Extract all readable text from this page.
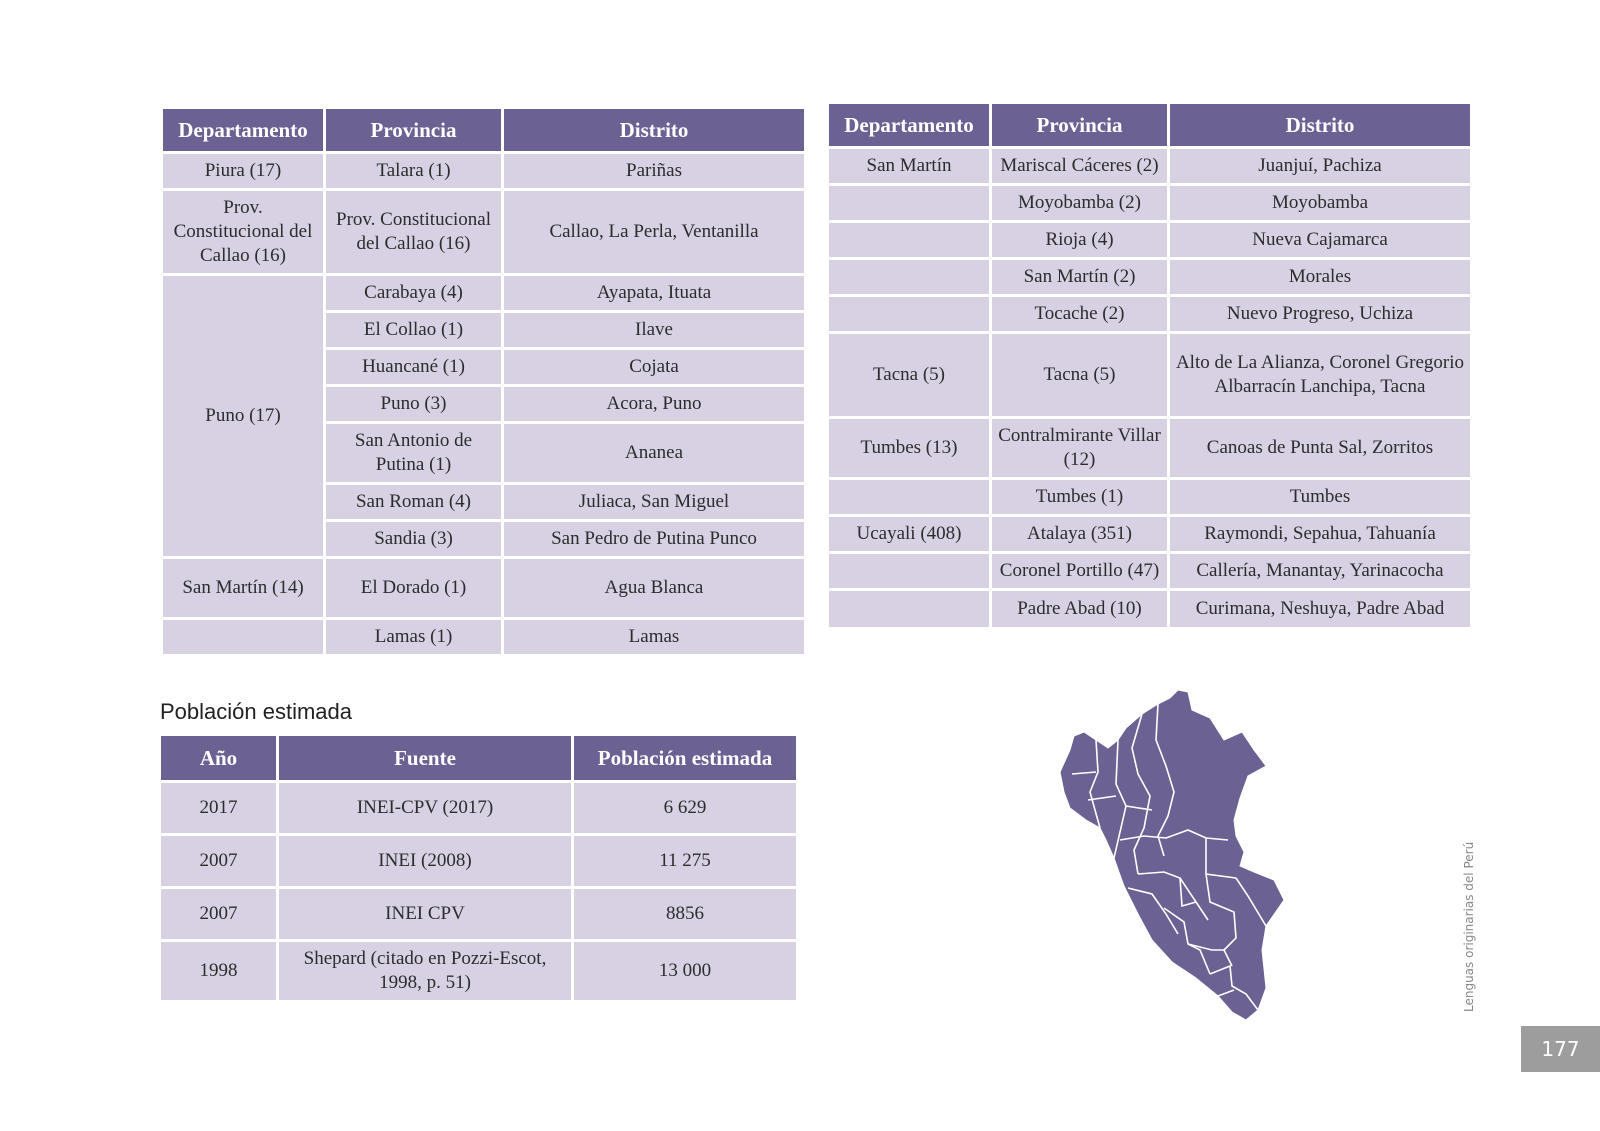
Departamento	Provincia	Distrito
Piura (17)	Talara (1)	Pariñas
Prov. Constitucional del Callao (16)	Prov. Constitucional del Callao (16)	Callao, La Perla, Ventanilla
Puno (17)	Carabaya (4)	Ayapata, Ituata
	El Collao (1)	Ilave
	Huancané (1)	Cojata
	Puno (3)	Acora, Puno
	San Antonio de Putina (1)	Ananea
	San Roman (4)	Juliaca, San Miguel
	Sandia (3)	San Pedro de Putina Punco
San Martín (14)	El Dorado (1)	Agua Blanca
	Lamas (1)	Lamas
Departamento	Provincia	Distrito
San Martín	Mariscal Cáceres (2)	Juanjuí, Pachiza
	Moyobamba (2)	Moyobamba
	Rioja (4)	Nueva Cajamarca
	San Martín (2)	Morales
	Tocache (2)	Nuevo Progreso, Uchiza
Tacna (5)	Tacna (5)	Alto de La Alianza, Coronel Gregorio Albarracín Lanchipa, Tacna
Tumbes (13)	Contralmirante Villar (12)	Canoas de Punta Sal, Zorritos
	Tumbes (1)	Tumbes
Ucayali (408)	Atalaya (351)	Raymondi, Sepahua, Tahuanía
	Coronel Portillo (47)	Callería, Manantay, Yarinacocha
	Padre Abad (10)	Curimana, Neshuya, Padre Abad
Población estimada
Año	Fuente	Población estimada
2017	INEI-CPV (2017)	6 629
2007	INEI (2008)	11 275
2007	INEI CPV	8856
1998	Shepard (citado en Pozzi-Escot, 1998, p. 51)	13 000	Lenguas originarias del Perú
177
